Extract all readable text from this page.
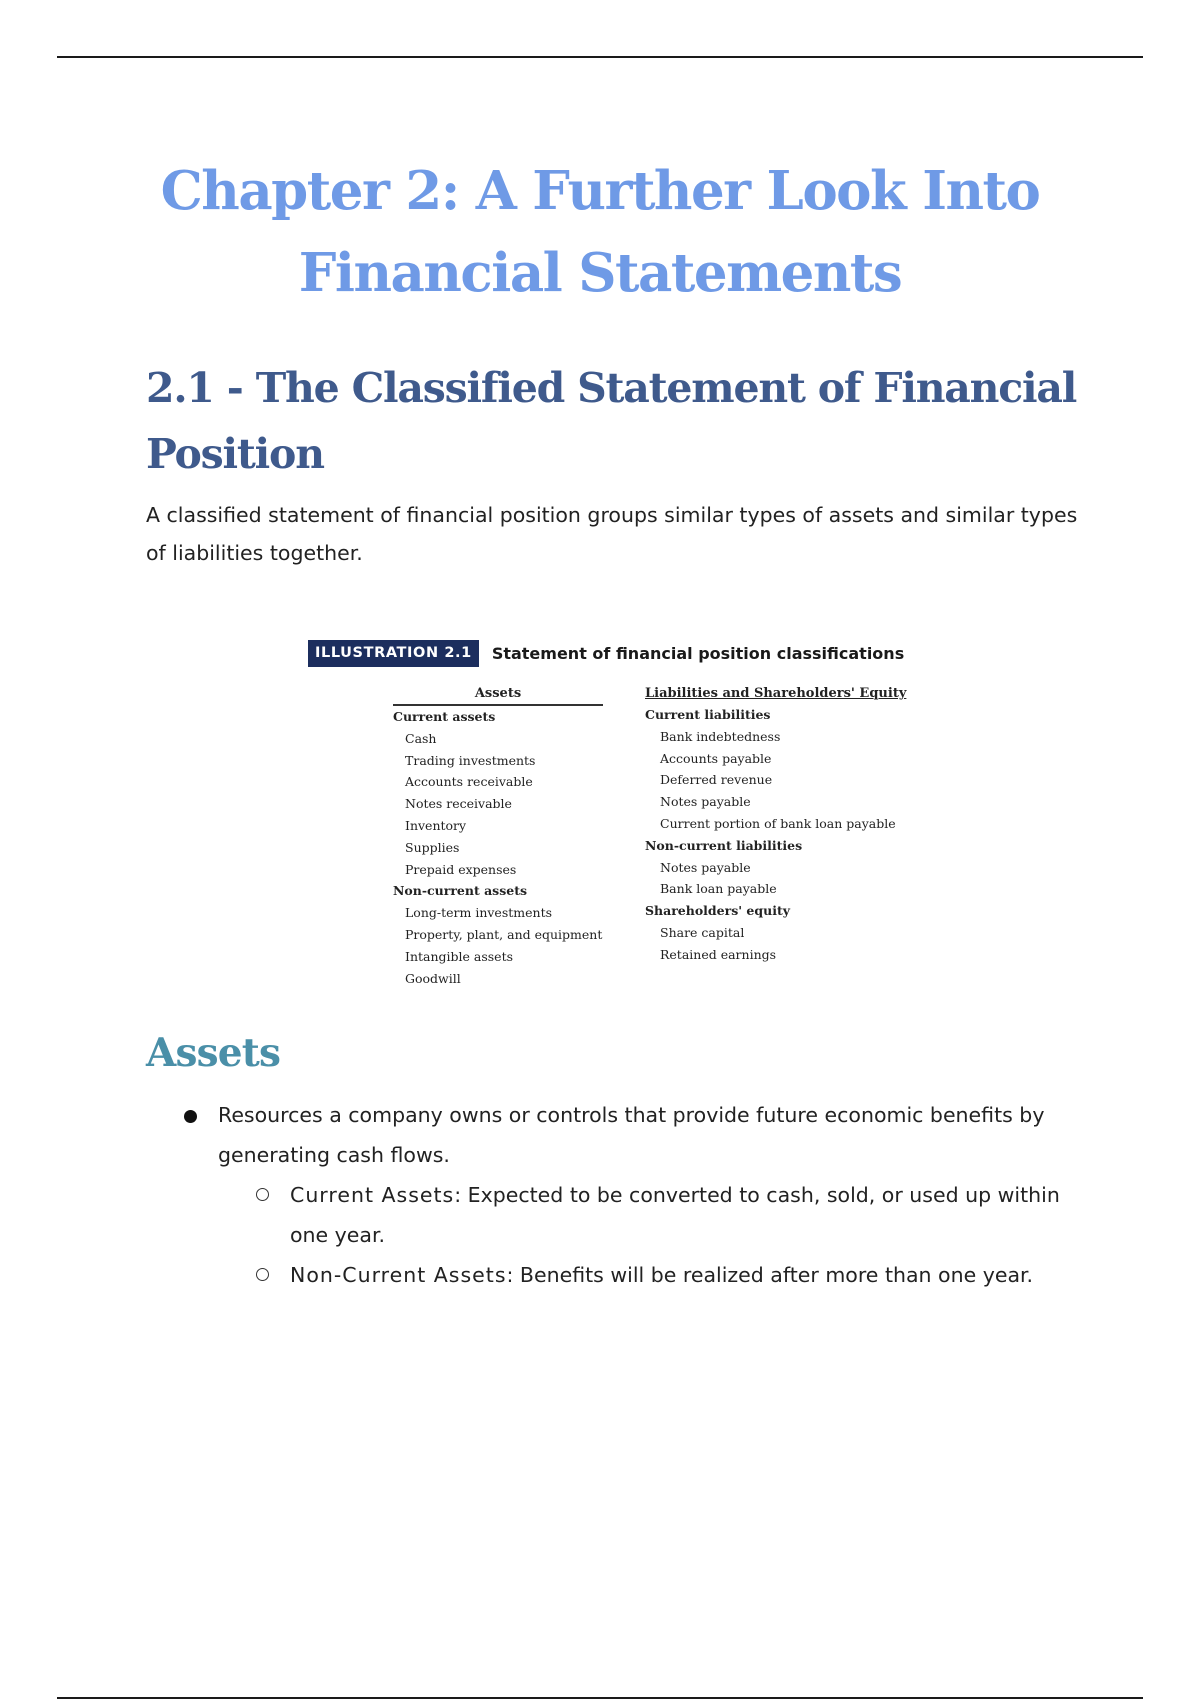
Chapter 2: A Further Look Into Financial Statements
2.1 - The Classified Statement of Financial Position
A classified statement of financial position groups similar types of assets and similar types of liabilities together.
ILLUSTRATION 2.1	Statement of financial position classifications
Assets
Current assets
Cash
Trading investments
Accounts receivable
Notes receivable
Inventory
Supplies
Prepaid expenses
Non-current assets
Long-term investments
Property, plant, and equipment
Intangible assets
Goodwill
Liabilities and Shareholders' Equity
Current liabilities
Bank indebtedness
Accounts payable
Deferred revenue
Notes payable
Current portion of bank loan payable
Non-current liabilities
Notes payable
Bank loan payable
Shareholders' equity
Share capital
Retained earnings
Assets
Resources a company owns or controls that provide future economic benefits by generating cash flows.
Current Assets: Expected to be converted to cash, sold, or used up within one year.
Non-Current Assets: Benefits will be realized after more than one year.
